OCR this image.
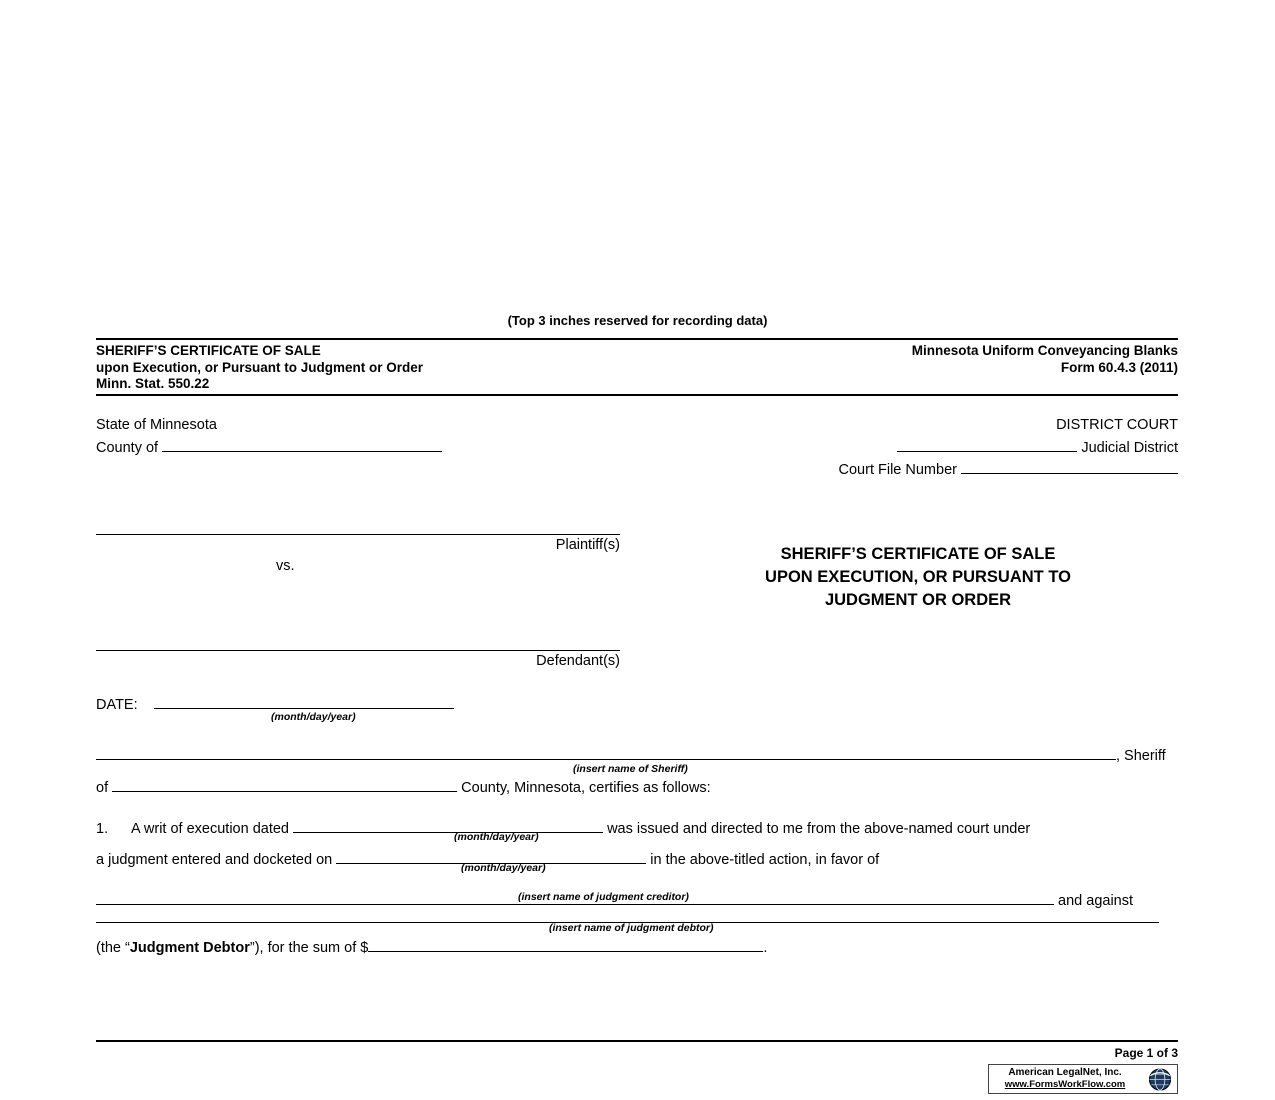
(Top 3 inches reserved for recording data)
SHERIFF’S CERTIFICATE OF SALE
upon Execution, or Pursuant to Judgment or Order
Minn. Stat. 550.22
Minnesota Uniform Conveyancing Blanks
Form 60.4.3 (2011)
State of Minnesota
County of
DISTRICT COURT
Judicial District
Court File Number
Plaintiff(s)
vs.
Defendant(s)
SHERIFF’S CERTIFICATE OF SALE
UPON EXECUTION, OR PURSUANT TO
JUDGMENT OR ORDER
DATE:
(month/day/year)
, Sheriff
(insert name of Sheriff)
of	County, Minnesota, certifies as follows:
1. A writ of execution dated	was issued and directed to me from the above-named court under
a judgment entered and docketed on	in the above-titled action, in favor of
(month/day/year)
(month/day/year)
and against
(insert name of judgment creditor)
(insert name of judgment debtor)
(the “Judgment Debtor”), for the sum of $	.
Page 1 of 3
American LegalNet, Inc.
www.FormsWorkFlow.com
